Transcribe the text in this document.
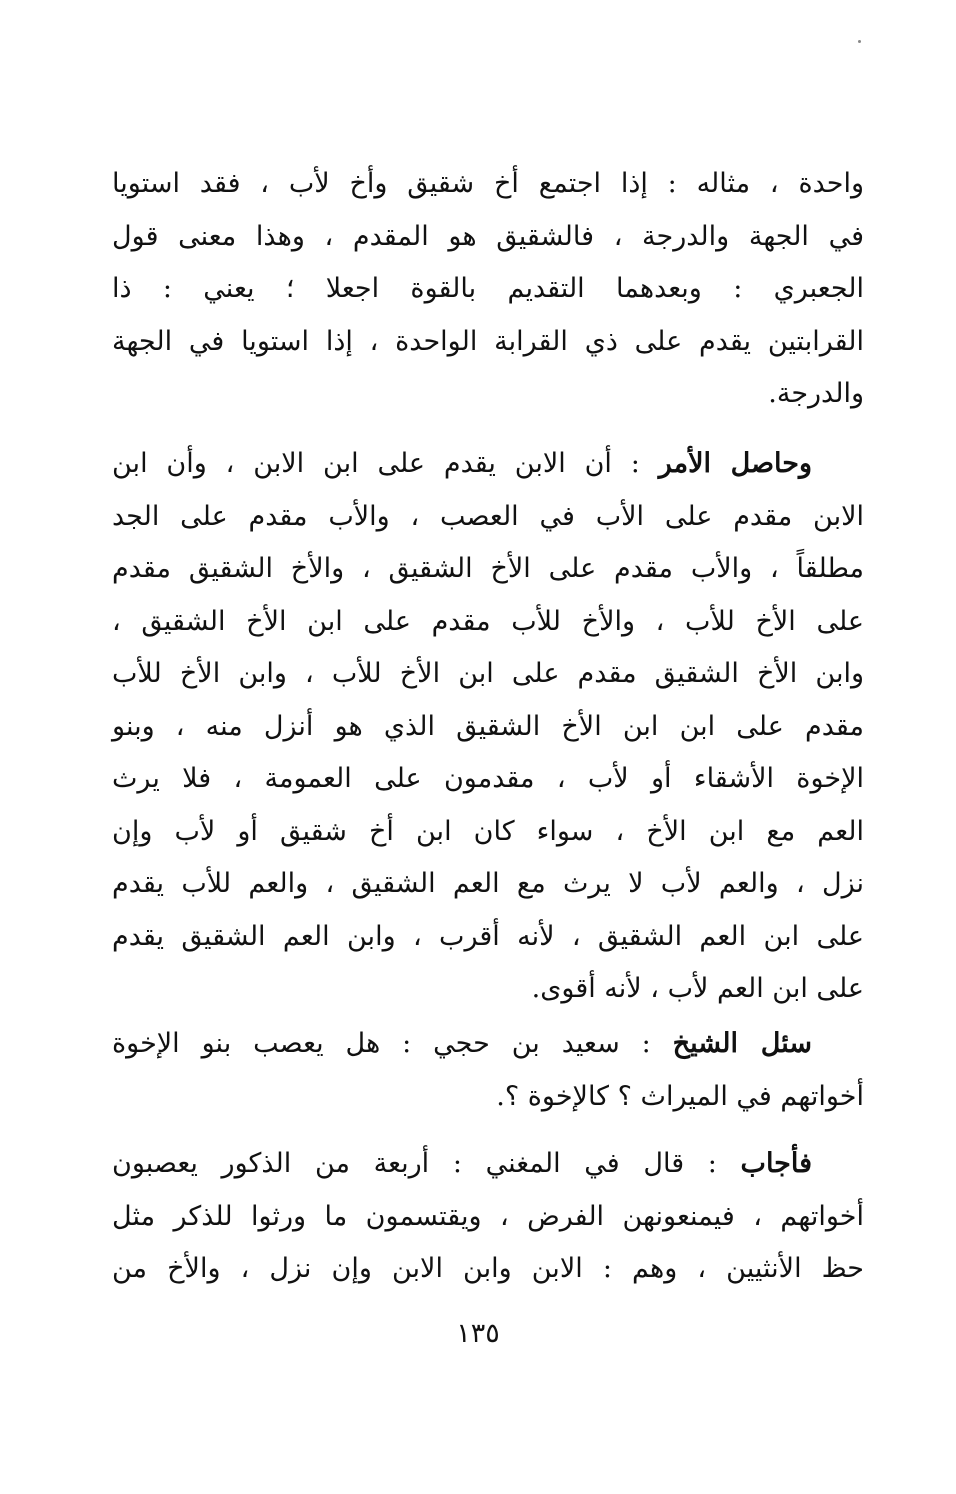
واحدة ، مثاله : إذا اجتمع أخ شقيق وأخ لأب ، فقد استويا
في الجهة والدرجة ، فالشقيق هو المقدم ، وهذا معنى قول
الجعبري : وبعدهما التقديم بالقوة اجعلا ؛ يعني : ذا
القرابتين يقدم على ذي القرابة الواحدة ، إذا استويا في الجهة
والدرجة.
وحاصل الأمر : أن الابن يقدم على ابن الابن ، وأن ابن
الابن مقدم على الأب في العصب ، والأب مقدم على الجد
مطلقاً ، والأب مقدم على الأخ الشقيق ، والأخ الشقيق مقدم
على الأخ للأب ، والأخ للأب مقدم على ابن الأخ الشقيق ،
وابن الأخ الشقيق مقدم على ابن الأخ للأب ، وابن الأخ للأب
مقدم على ابن ابن الأخ الشقيق الذي هو أنزل منه ، وبنو
الإخوة الأشقاء أو لأب ، مقدمون على العمومة ، فلا يرث
العم مع ابن الأخ ، سواء كان ابن أخ شقيق أو لأب وإن
نزل ، والعم لأب لا يرث مع العم الشقيق ، والعم للأب يقدم
على ابن العم الشقيق ، لأنه أقرب ، وابن العم الشقيق يقدم
على ابن العم لأب ، لأنه أقوى.
سئل الشيخ : سعيد بن حجي : هل يعصب بنو الإخوة
أخواتهم في الميراث ؟ كالإخوة ؟.
فأجاب : قال في المغني : أربعة من الذكور يعصبون
أخواتهم ، فيمنعونهن الفرض ، ويقتسمون ما ورثوا للذكر مثل
حظ الأنثيين ، وهم : الابن وابن الابن وإن نزل ، والأخ من
١٣٥
